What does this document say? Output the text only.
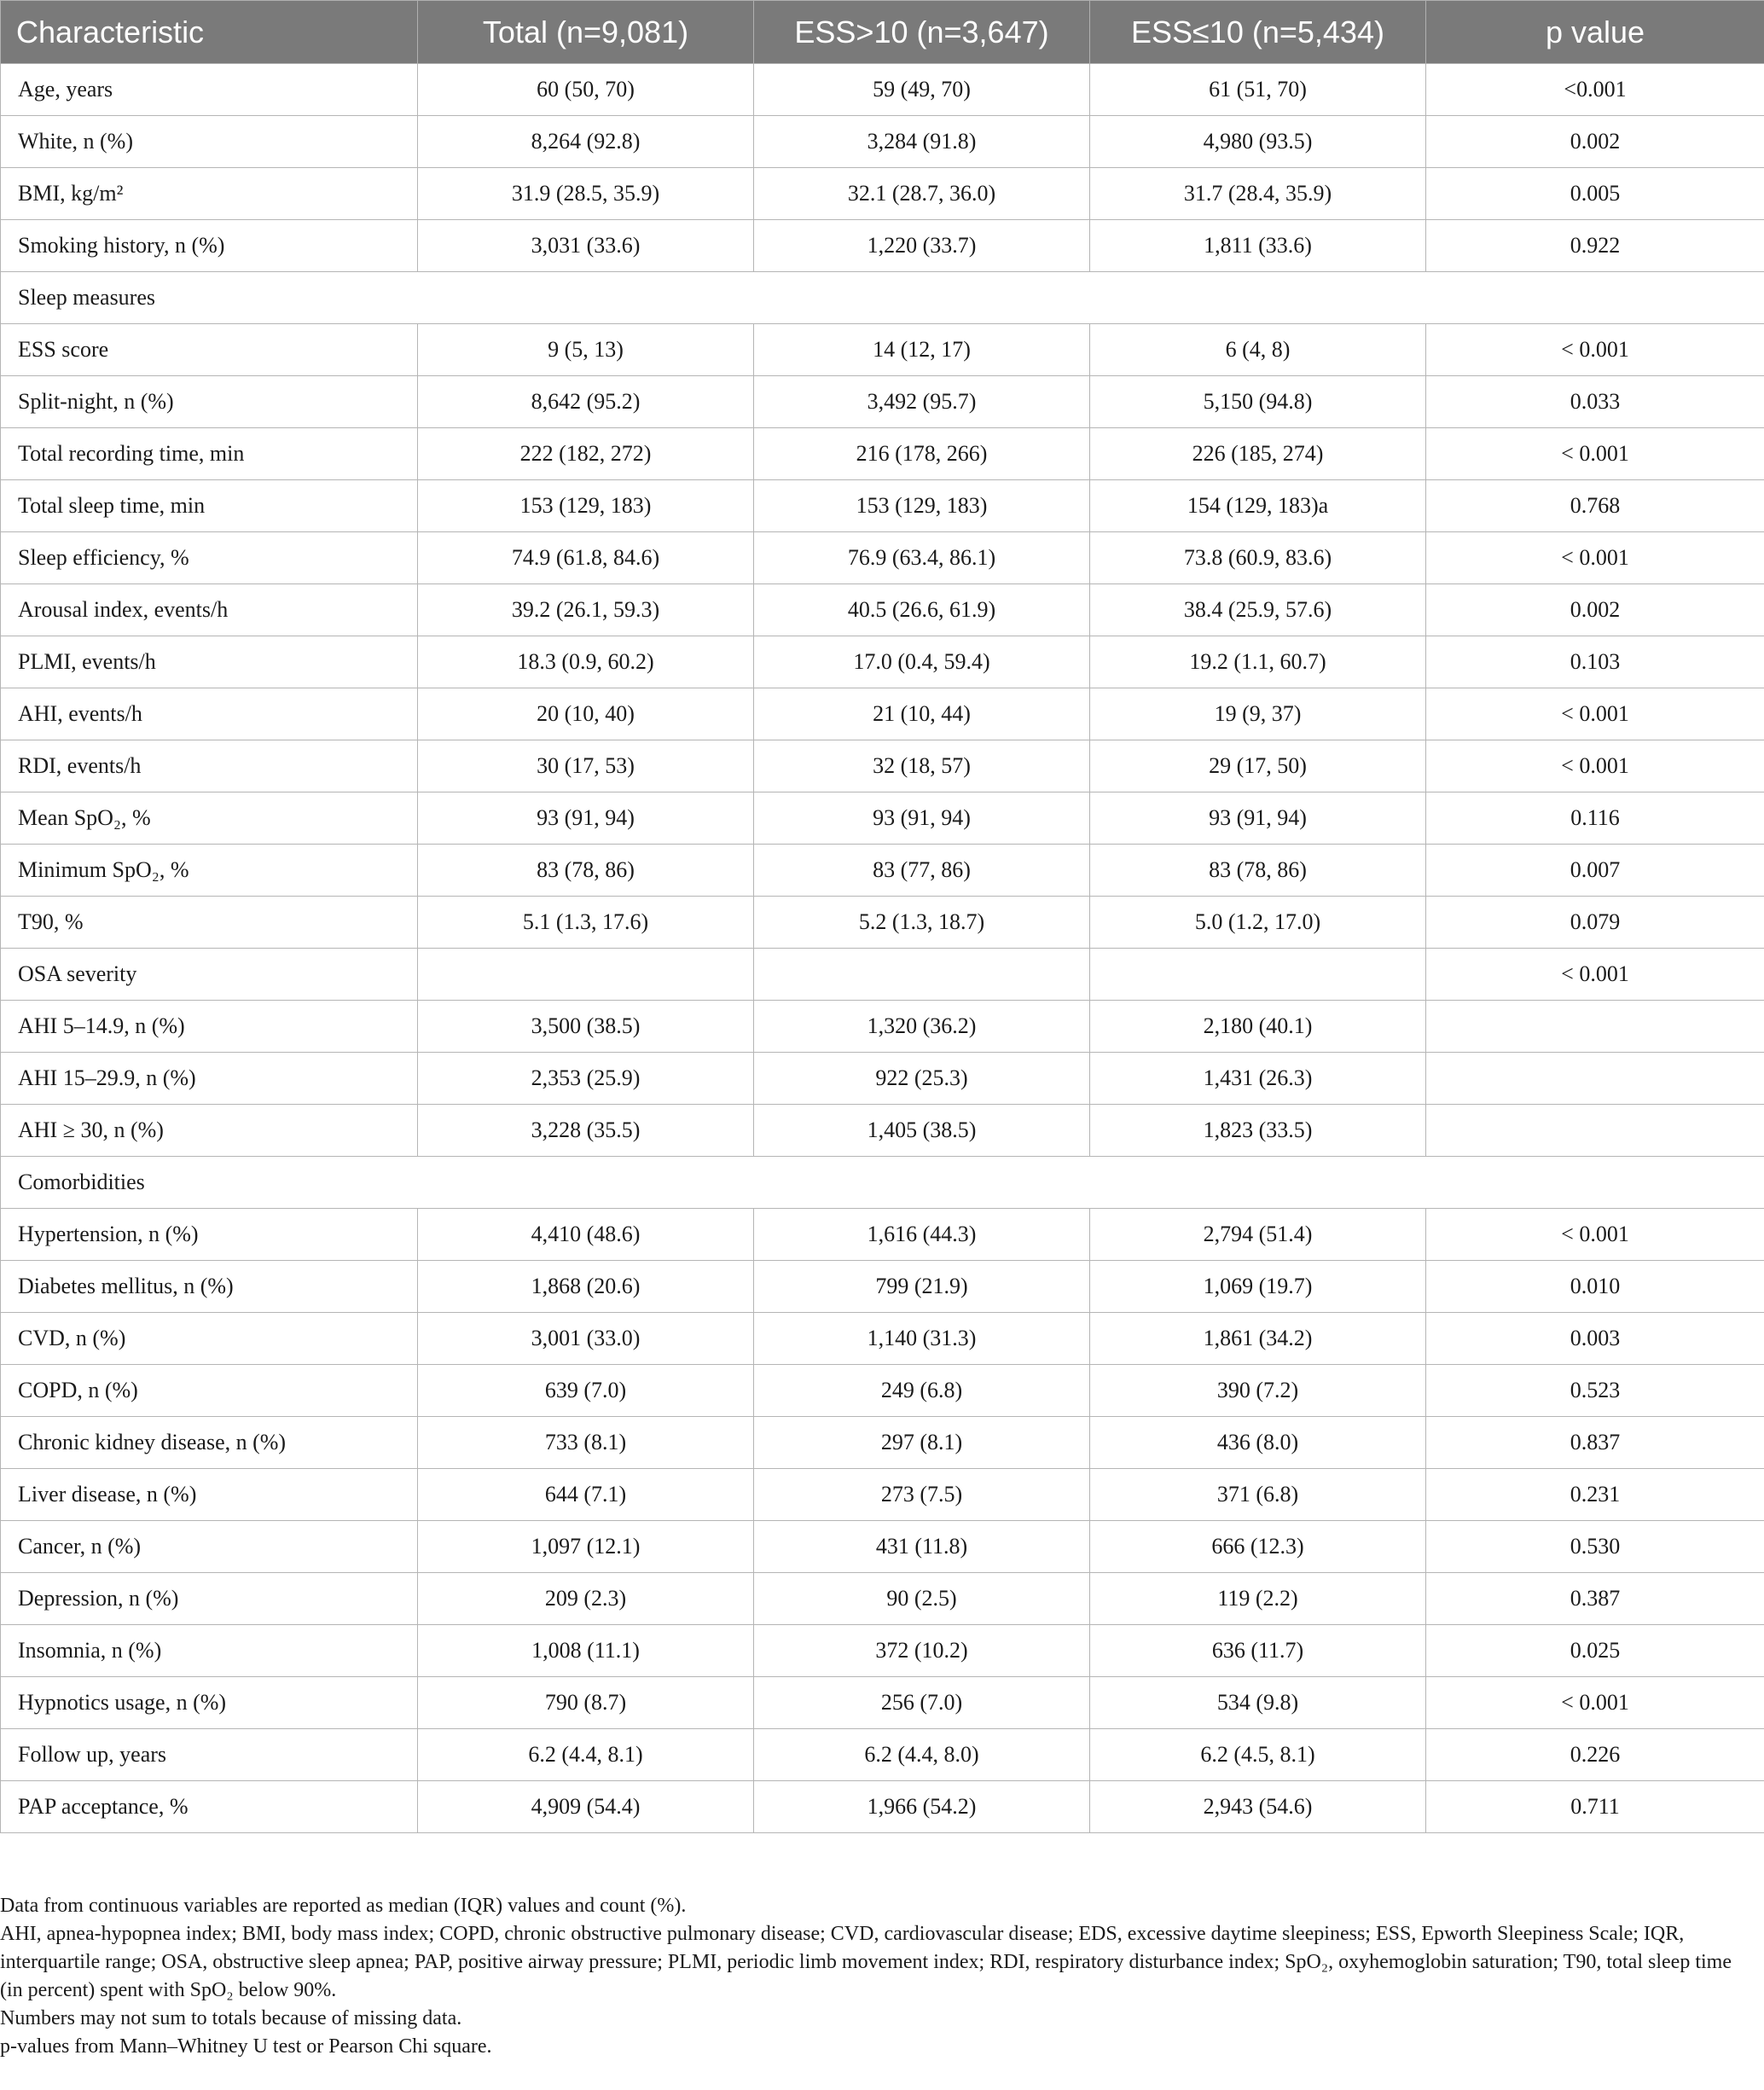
Characteristic	Total (n=9,081)	ESS>10 (n=3,647)	ESS≤10 (n=5,434)	p value
Age, years	60 (50, 70)	59 (49, 70)	61 (51, 70)	<0.001
White, n (%)	8,264 (92.8)	3,284 (91.8)	4,980 (93.5)	0.002
BMI, kg/m²	31.9 (28.5, 35.9)	32.1 (28.7, 36.0)	31.7 (28.4, 35.9)	0.005
Smoking history, n (%)	3,031 (33.6)	1,220 (33.7)	1,811 (33.6)	0.922
Sleep measures				
ESS score	9 (5, 13)	14 (12, 17)	6 (4, 8)	< 0.001
Split-night, n (%)	8,642 (95.2)	3,492 (95.7)	5,150 (94.8)	0.033
Total recording time, min	222 (182, 272)	216 (178, 266)	226 (185, 274)	< 0.001
Total sleep time, min	153 (129, 183)	153 (129, 183)	154 (129, 183)a	0.768
Sleep efficiency, %	74.9 (61.8, 84.6)	76.9 (63.4, 86.1)	73.8 (60.9, 83.6)	< 0.001
Arousal index, events/h	39.2 (26.1, 59.3)	40.5 (26.6, 61.9)	38.4 (25.9, 57.6)	0.002
PLMI, events/h	18.3 (0.9, 60.2)	17.0 (0.4, 59.4)	19.2 (1.1, 60.7)	0.103
AHI, events/h	20 (10, 40)	21 (10, 44)	19 (9, 37)	< 0.001
RDI, events/h	30 (17, 53)	32 (18, 57)	29 (17, 50)	< 0.001
Mean SpO₂, %	93 (91, 94)	93 (91, 94)	93 (91, 94)	0.116
Minimum SpO₂, %	83 (78, 86)	83 (77, 86)	83 (78, 86)	0.007
T90, %	5.1 (1.3, 17.6)	5.2 (1.3, 18.7)	5.0 (1.2, 17.0)	0.079
OSA severity				< 0.001
AHI 5–14.9, n (%)	3,500 (38.5)	1,320 (36.2)	2,180 (40.1)	
AHI 15–29.9, n (%)	2,353 (25.9)	922 (25.3)	1,431 (26.3)	
AHI ≥ 30, n (%)	3,228 (35.5)	1,405 (38.5)	1,823 (33.5)	
Comorbidities				
Hypertension, n (%)	4,410 (48.6)	1,616 (44.3)	2,794 (51.4)	< 0.001
Diabetes mellitus, n (%)	1,868 (20.6)	799 (21.9)	1,069 (19.7)	0.010
CVD, n (%)	3,001 (33.0)	1,140 (31.3)	1,861 (34.2)	0.003
COPD, n (%)	639 (7.0)	249 (6.8)	390 (7.2)	0.523
Chronic kidney disease, n (%)	733 (8.1)	297 (8.1)	436 (8.0)	0.837
Liver disease, n (%)	644 (7.1)	273 (7.5)	371 (6.8)	0.231
Cancer, n (%)	1,097 (12.1)	431 (11.8)	666 (12.3)	0.530
Depression, n (%)	209 (2.3)	90 (2.5)	119 (2.2)	0.387
Insomnia, n (%)	1,008 (11.1)	372 (10.2)	636 (11.7)	0.025
Hypnotics usage, n (%)	790 (8.7)	256 (7.0)	534 (9.8)	< 0.001
Follow up, years	6.2 (4.4, 8.1)	6.2 (4.4, 8.0)	6.2 (4.5, 8.1)	0.226
PAP acceptance, %	4,909 (54.4)	1,966 (54.2)	2,943 (54.6)	0.711

Data from continuous variables are reported as median (IQR) values and count (%).

AHI, apnea-hypopnea index; BMI, body mass index; COPD, chronic obstructive pulmonary disease; CVD, cardiovascular disease; EDS, excessive daytime sleepiness; ESS, Epworth Sleepiness Scale; IQR, interquartile range; OSA, obstructive sleep apnea; PAP, positive airway pressure; PLMI, periodic limb movement index; RDI, respiratory disturbance index; SpO₂, oxyhemoglobin saturation; T90, total sleep time (in percent) spent with SpO₂ below 90%.

Numbers may not sum to totals because of missing data.

p-values from Mann–Whitney U test or Pearson Chi square.
